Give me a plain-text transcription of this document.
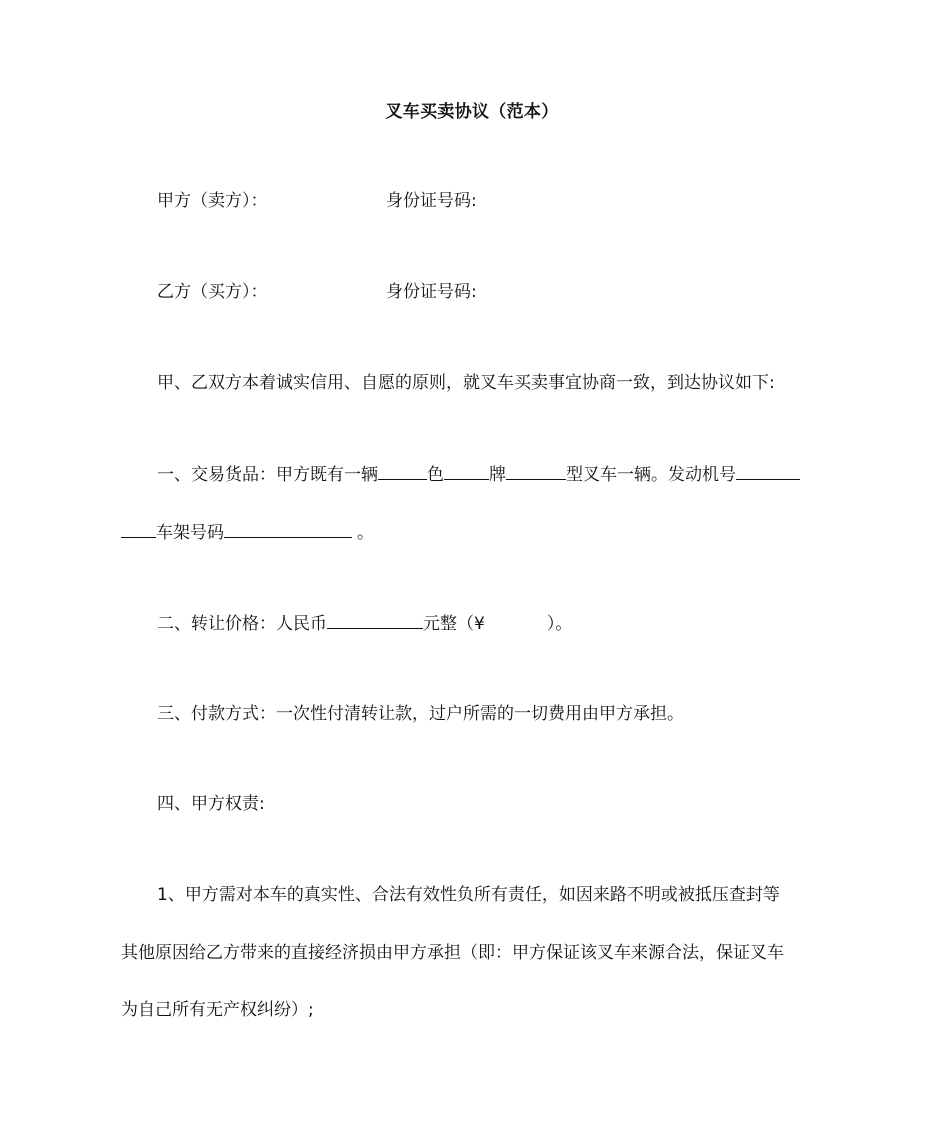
叉车买卖协议（范本）
甲方（卖方）：	身份证号码:
乙方（买方）：	身份证号码:
甲、乙双方本着诚实信用、自愿的原则，就叉车买卖事宜协商一致，到达协议如下:
一、交易货品：甲方既有一辆	色	牌	型叉车一辆。发动机号
车架号码	。
二、转让价格：人民币	元整（¥	）。
三、付款方式：一次性付清转让款，过户所需的一切费用由甲方承担。
四、甲方权责:
1、甲方需对本车的真实性、合法有效性负所有责任，如因来路不明或被抵压查封等
其他原因给乙方带来的直接经济损由甲方承担（即：甲方保证该叉车来源合法，保证叉车
为自己所有无产权纠纷）;
